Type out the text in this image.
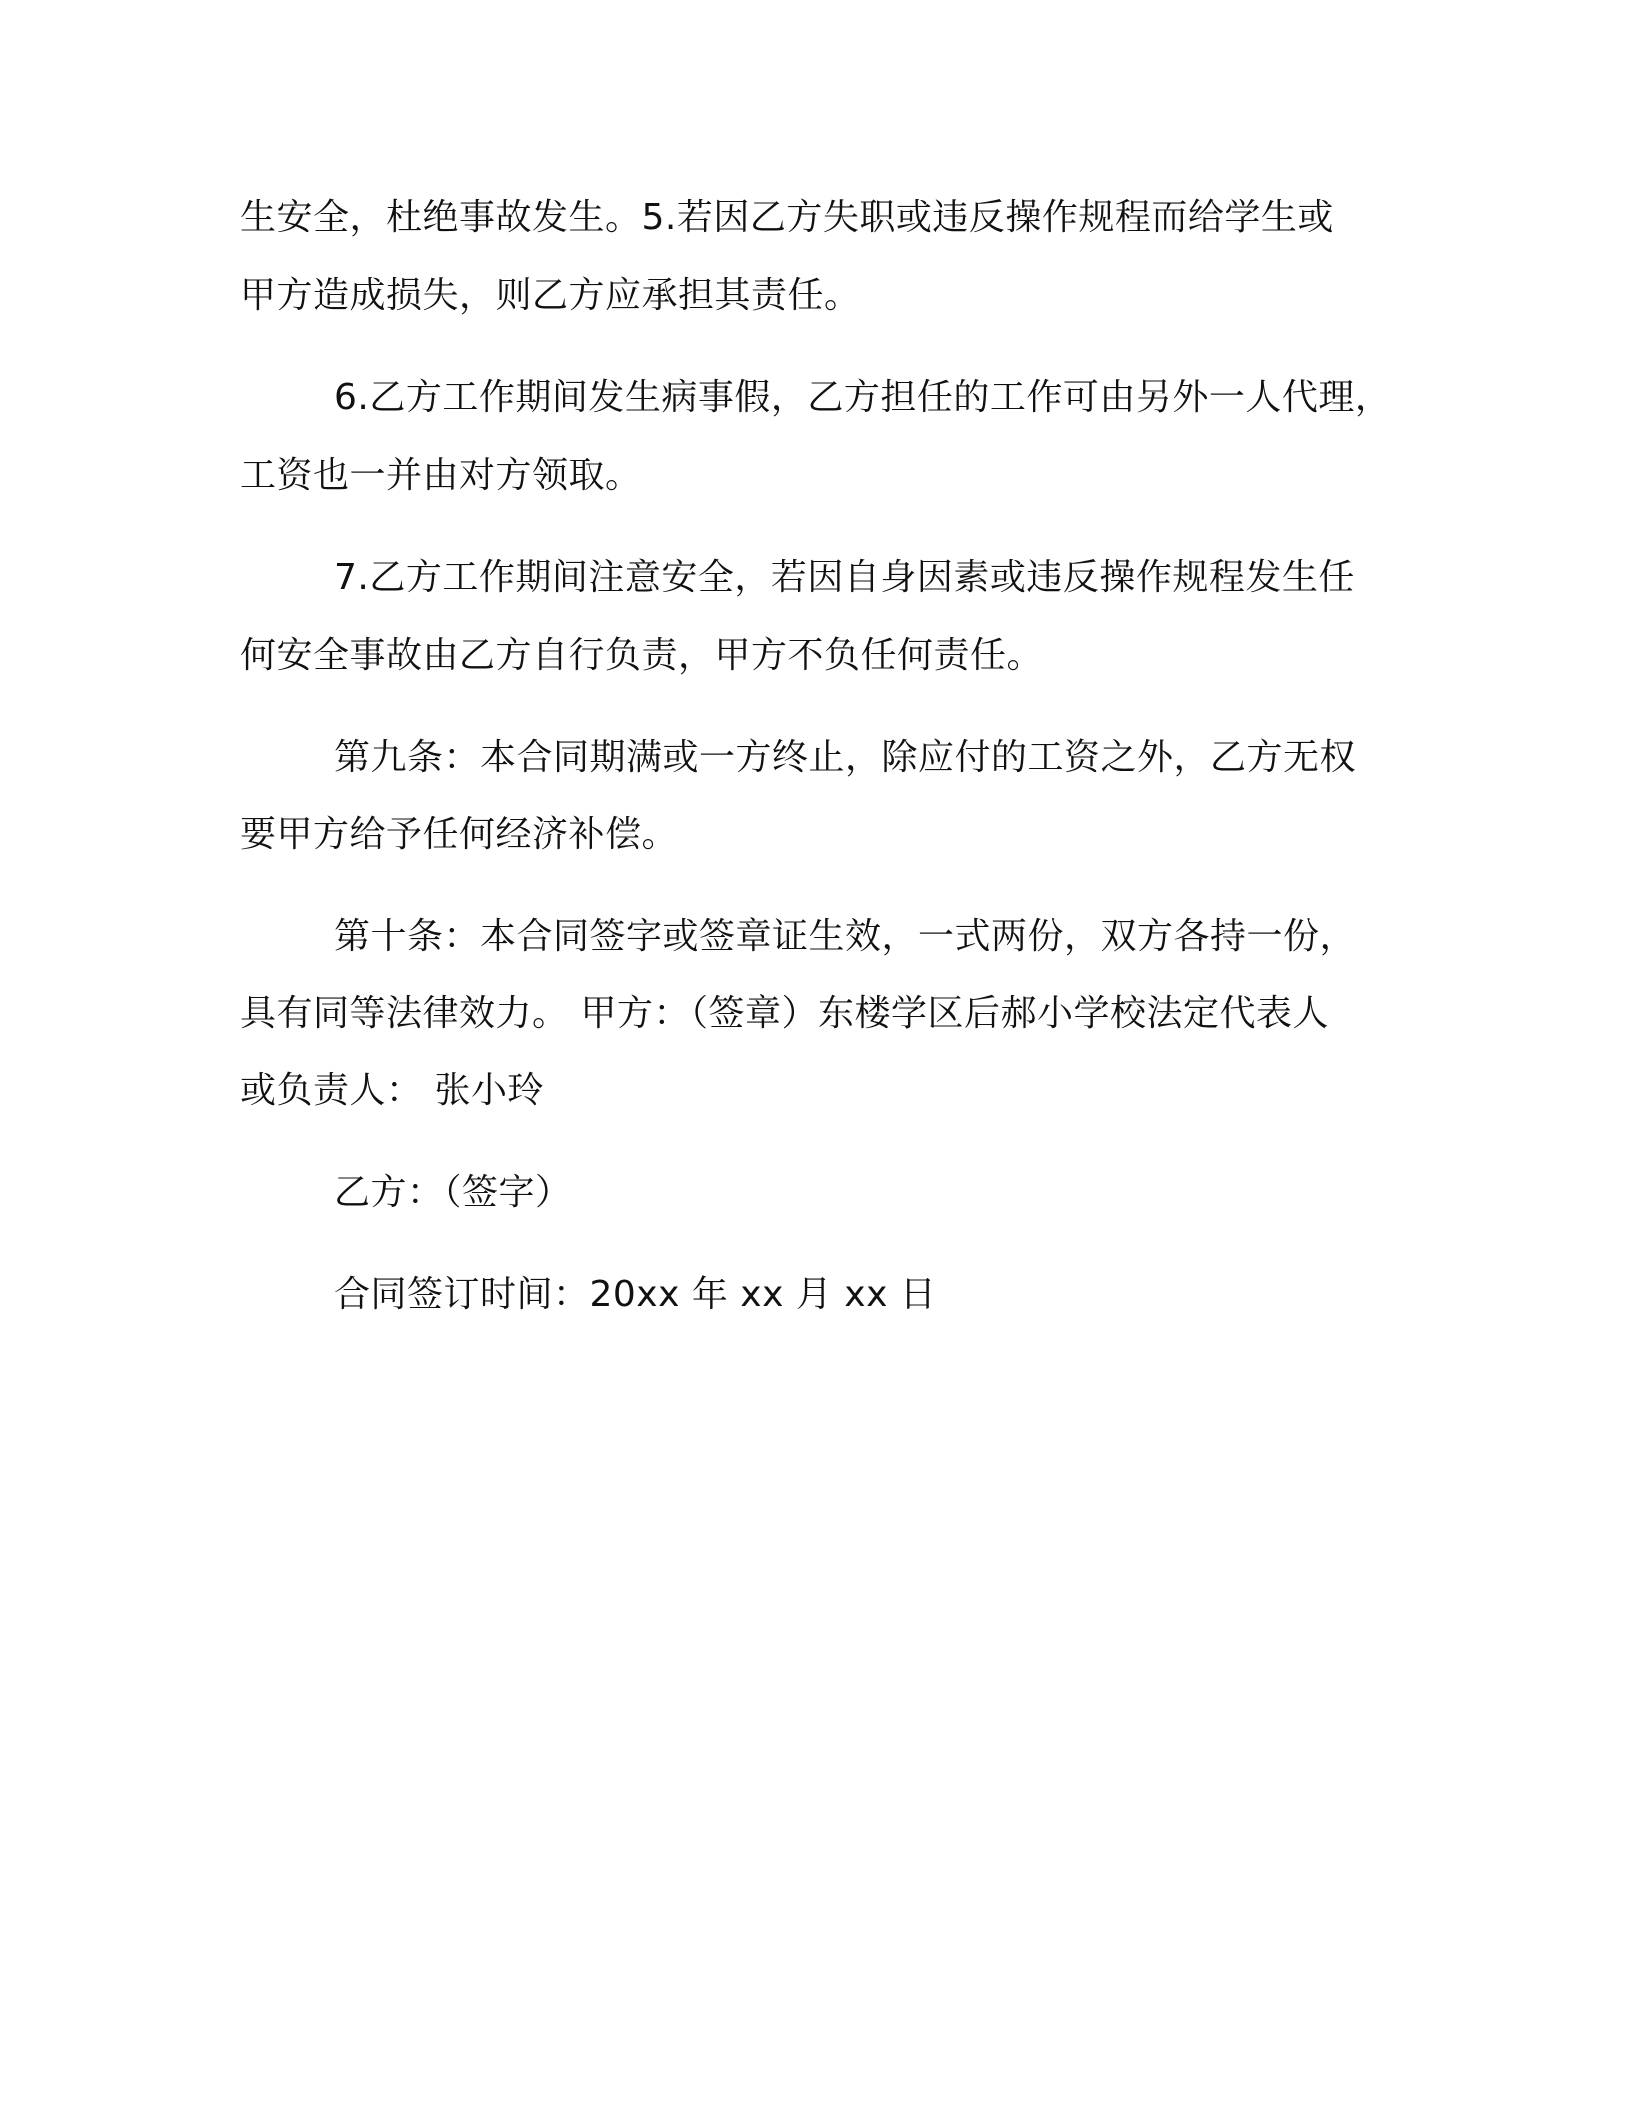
生安全，杜绝事故发生。5.若因乙方失职或违反操作规程而给学生或
甲方造成损失，则乙方应承担其责任。
6.乙方工作期间发生病事假，乙方担任的工作可由另外一人代理，
工资也一并由对方领取。
7.乙方工作期间注意安全，若因自身因素或违反操作规程发生任
何安全事故由乙方自行负责，甲方不负任何责任。
第九条：本合同期满或一方终止，除应付的工资之外，乙方无权
要甲方给予任何经济补偿。
第十条：本合同签字或签章证生效，一式两份，双方各持一份，
具有同等法律效力。 甲方：（签章）东楼学区后郝小学校法定代表人
或负责人： 张小玲
乙方：（签字）
合同签订时间：20xx 年 xx 月 xx 日
